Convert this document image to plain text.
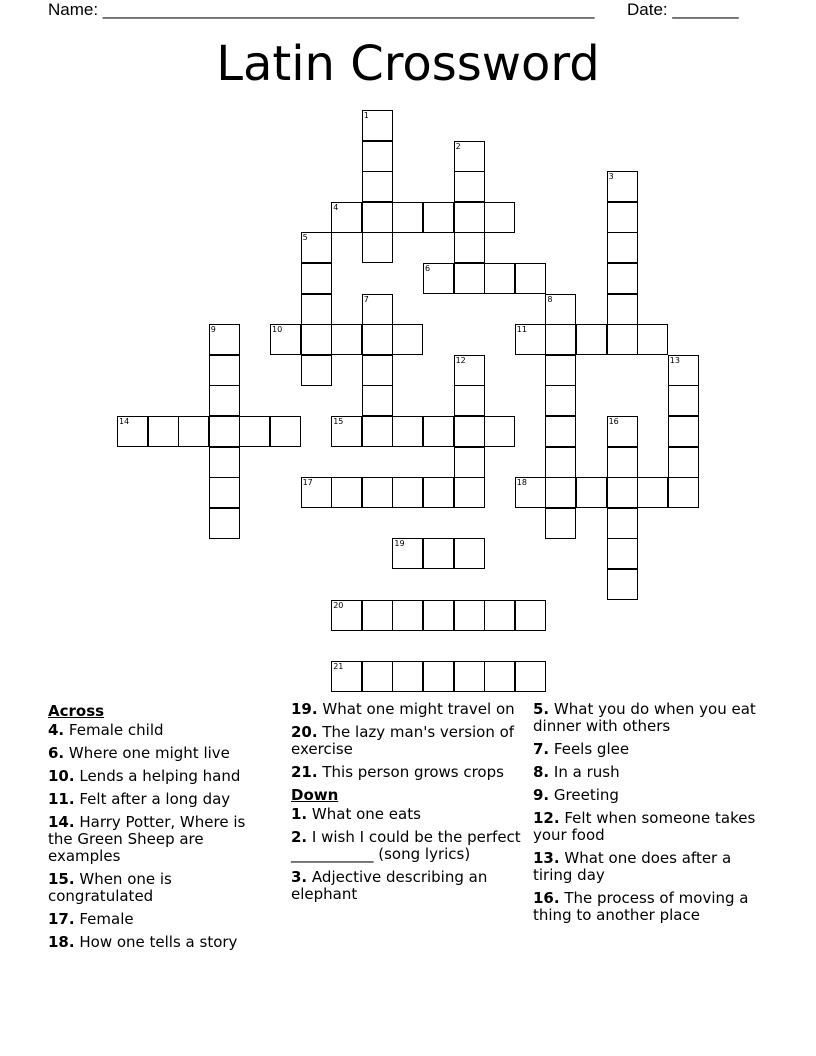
Name: ____________________________________________________ Date: _______
Latin Crossword
1
2
3
4
5
6
7	8
9	10	11
12	13
14	15	16
17	18
19
20
21
Across
4. Female child
6. Where one might live
10. Lends a helping hand
11. Felt after a long day
14. Harry Potter, Where is the Green Sheep are examples
15. When one is congratulated
17. Female
18. How one tells a story
19. What one might travel on
20. The lazy man's version of exercise
21. This person grows crops
Down
1. What one eats
2. I wish I could be the perfect ___________ (song lyrics)
3. Adjective describing an elephant
5. What you do when you eat dinner with others
7. Feels glee
8. In a rush
9. Greeting
12. Felt when someone takes your food
13. What one does after a tiring day
16. The process of moving a thing to another place
